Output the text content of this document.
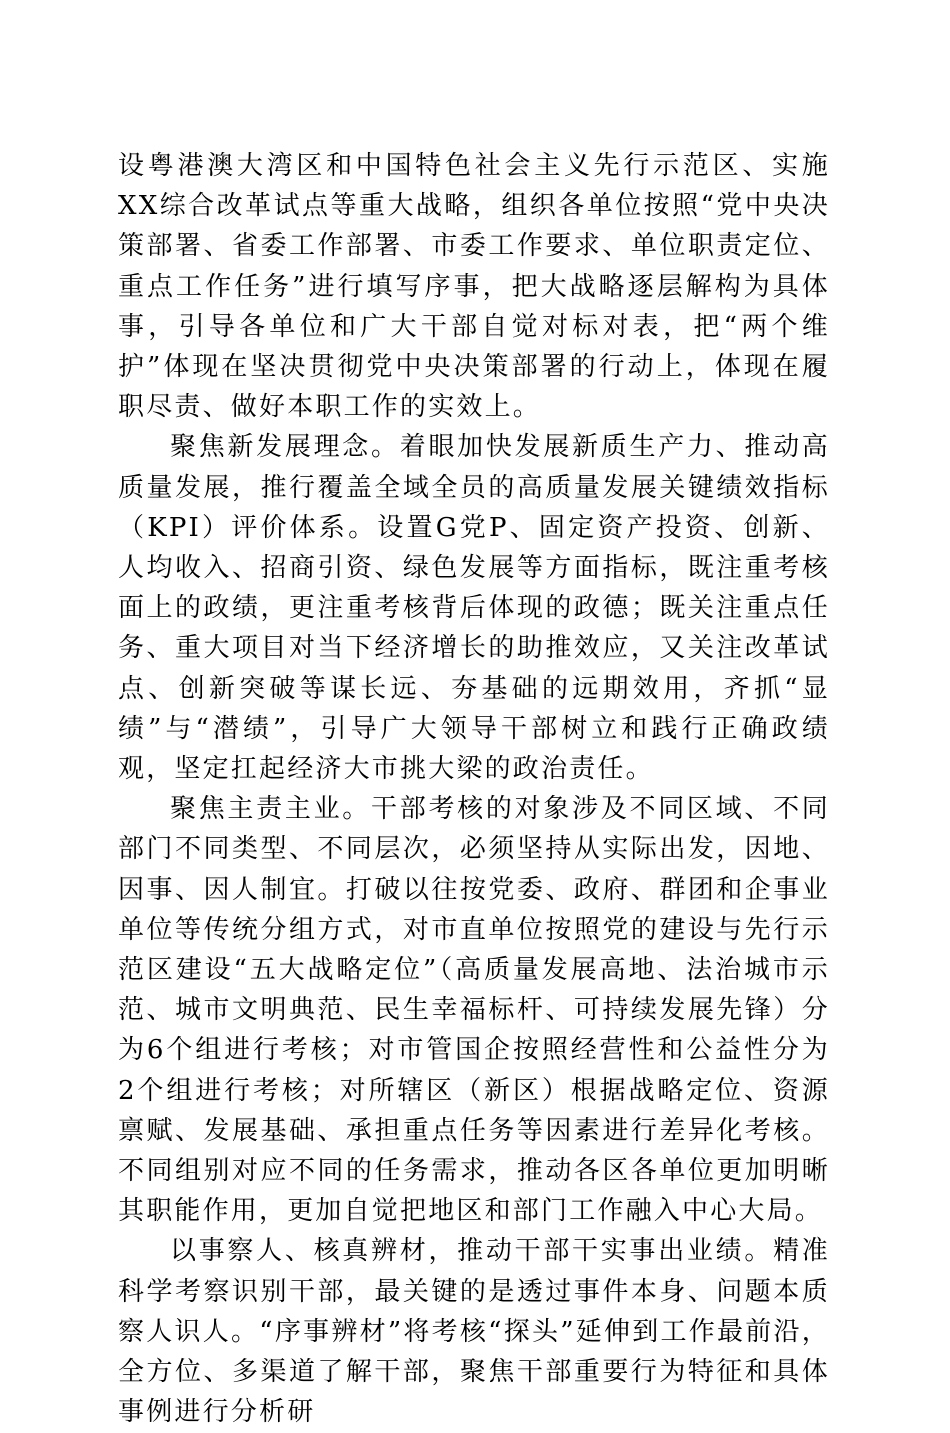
设粤港澳大湾区和中国特色社会主义先行示范区、实施XX综合改革试点等重大战略，组织各单位按照“党中央决策部署、省委工作部署、市委工作要求、单位职责定位、重点工作任务”进行填写序事，把大战略逐层解构为具体事，引导各单位和广大干部自觉对标对表，把“两个维护”体现在坚决贯彻党中央决策部署的行动上，体现在履职尽责、做好本职工作的实效上。

聚焦新发展理念。着眼加快发展新质生产力、推动高质量发展，推行覆盖全域全员的高质量发展关键绩效指标（KPI）评价体系。设置G党P、固定资产投资、创新、人均收入、招商引资、绿色发展等方面指标，既注重考核面上的政绩，更注重考核背后体现的政德；既关注重点任务、重大项目对当下经济增长的助推效应，又关注改革试点、创新突破等谋长远、夯基础的远期效用，齐抓“显绩”与“潜绩”，引导广大领导干部树立和践行正确政绩观，坚定扛起经济大市挑大梁的政治责任。

聚焦主责主业。干部考核的对象涉及不同区域、不同部门不同类型、不同层次，必须坚持从实际出发，因地、因事、因人制宜。打破以往按党委、政府、群团和企事业单位等传统分组方式，对市直单位按照党的建设与先行示范区建设“五大战略定位”（高质量发展高地、法治城市示范、城市文明典范、民生幸福标杆、可持续发展先锋）分为6个组进行考核；对市管国企按照经营性和公益性分为2个组进行考核；对所辖区（新区）根据战略定位、资源禀赋、发展基础、承担重点任务等因素进行差异化考核。不同组别对应不同的任务需求，推动各区各单位更加明晰其职能作用，更加自觉把地区和部门工作融入中心大局。

以事察人、核真辨材，推动干部干实事出业绩。精准科学考察识别干部，最关键的是透过事件本身、问题本质察人识人。“序事辨材”将考核“探头”延伸到工作最前沿，全方位、多渠道了解干部，聚焦干部重要行为特征和具体事例进行分析研
